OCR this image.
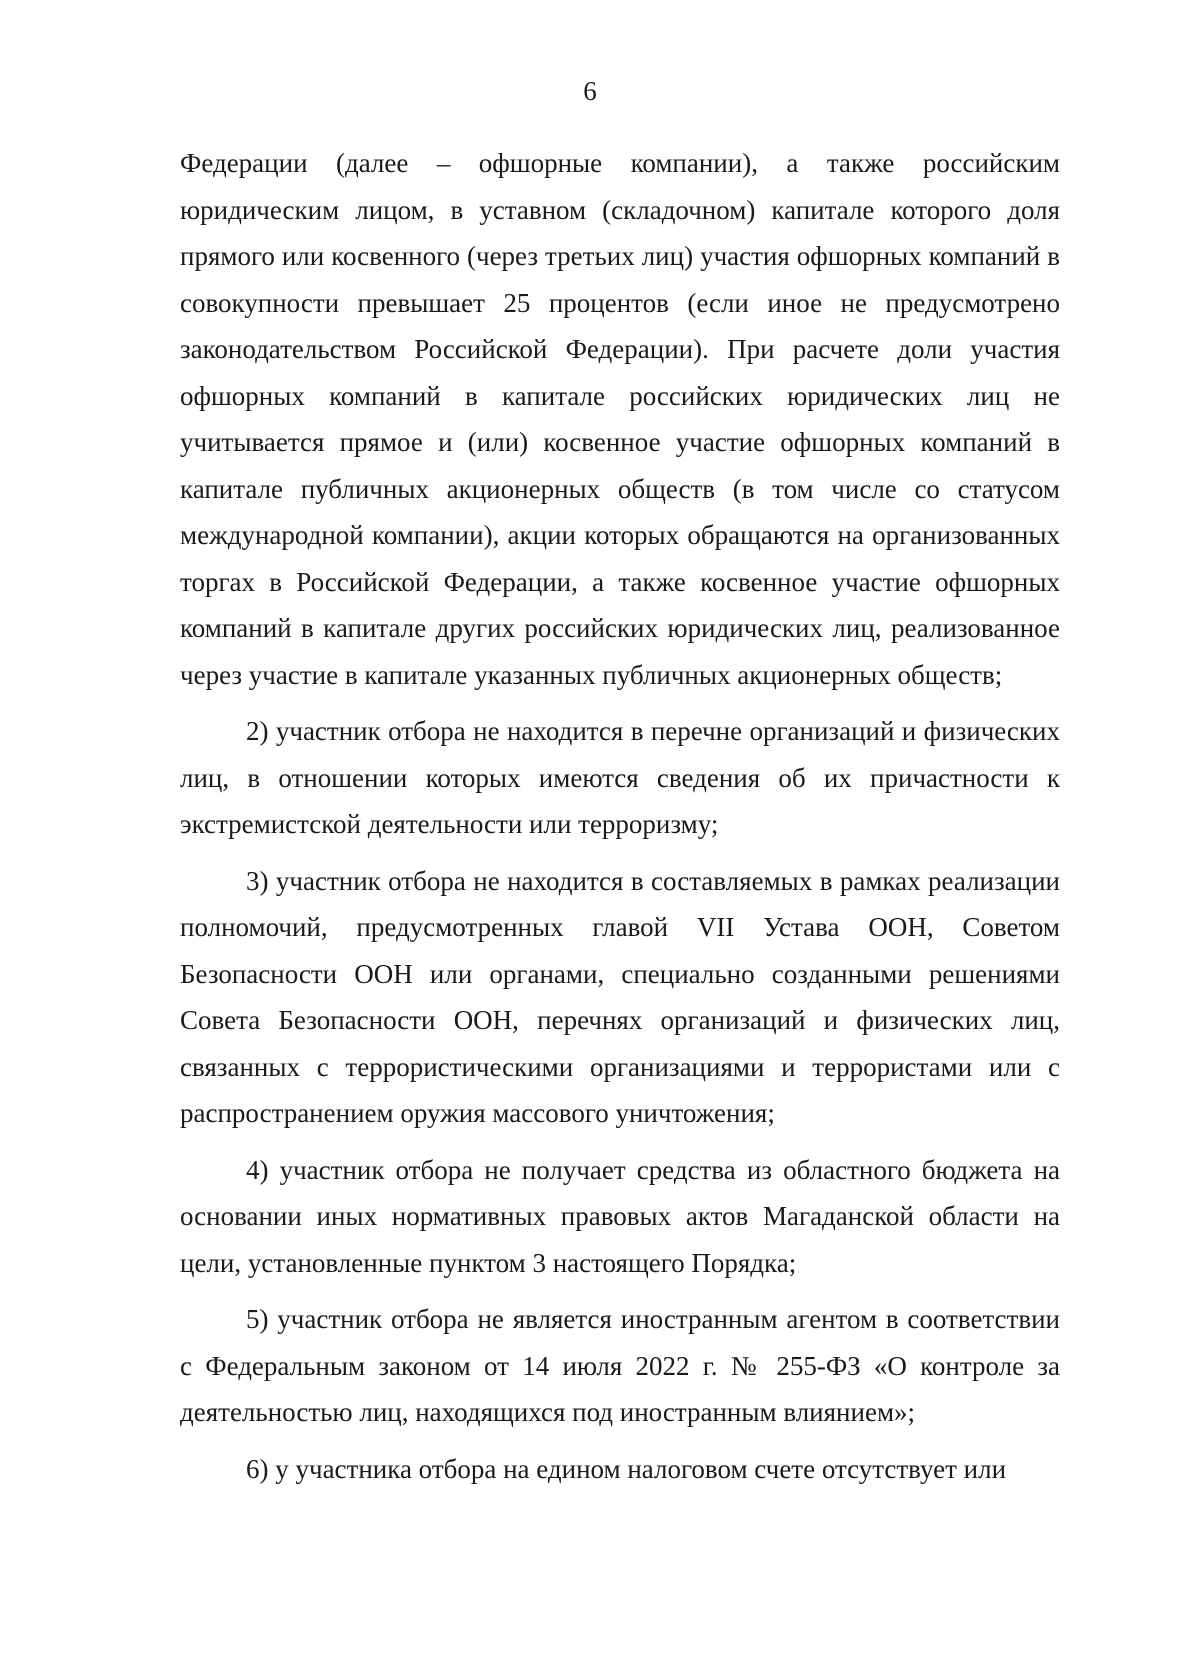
6

Федерации (далее – офшорные компании), а также российским юридическим лицом, в уставном (складочном) капитале которого доля прямого или косвенного (через третьих лиц) участия офшорных компаний в совокупности превышает 25 процентов (если иное не предусмотрено законодательством Российской Федерации). При расчете доли участия офшорных компаний в капитале российских юридических лиц не учитывается прямое и (или) косвенное участие офшорных компаний в капитале публичных акционерных обществ (в том числе со статусом международной компании), акции которых обращаются на организованных торгах в Российской Федерации, а также косвенное участие офшорных компаний в капитале других российских юридических лиц, реализованное через участие в капитале указанных публичных акционерных обществ;

2) участник отбора не находится в перечне организаций и физических лиц, в отношении которых имеются сведения об их причастности к экстремистской деятельности или терроризму;

3) участник отбора не находится в составляемых в рамках реализации полномочий, предусмотренных главой VII Устава ООН, Советом Безопасности ООН или органами, специально созданными решениями Совета Безопасности ООН, перечнях организаций и физических лиц, связанных с террористическими организациями и террористами или с распространением оружия массового уничтожения;

4) участник отбора не получает средства из областного бюджета на основании иных нормативных правовых актов Магаданской области на цели, установленные пунктом 3 настоящего Порядка;

5) участник отбора не является иностранным агентом в соответствии с Федеральным законом от 14 июля 2022 г. № 255-ФЗ «О контроле за деятельностью лиц, находящихся под иностранным влиянием»;

6) у участника отбора на едином налоговом счете отсутствует или
